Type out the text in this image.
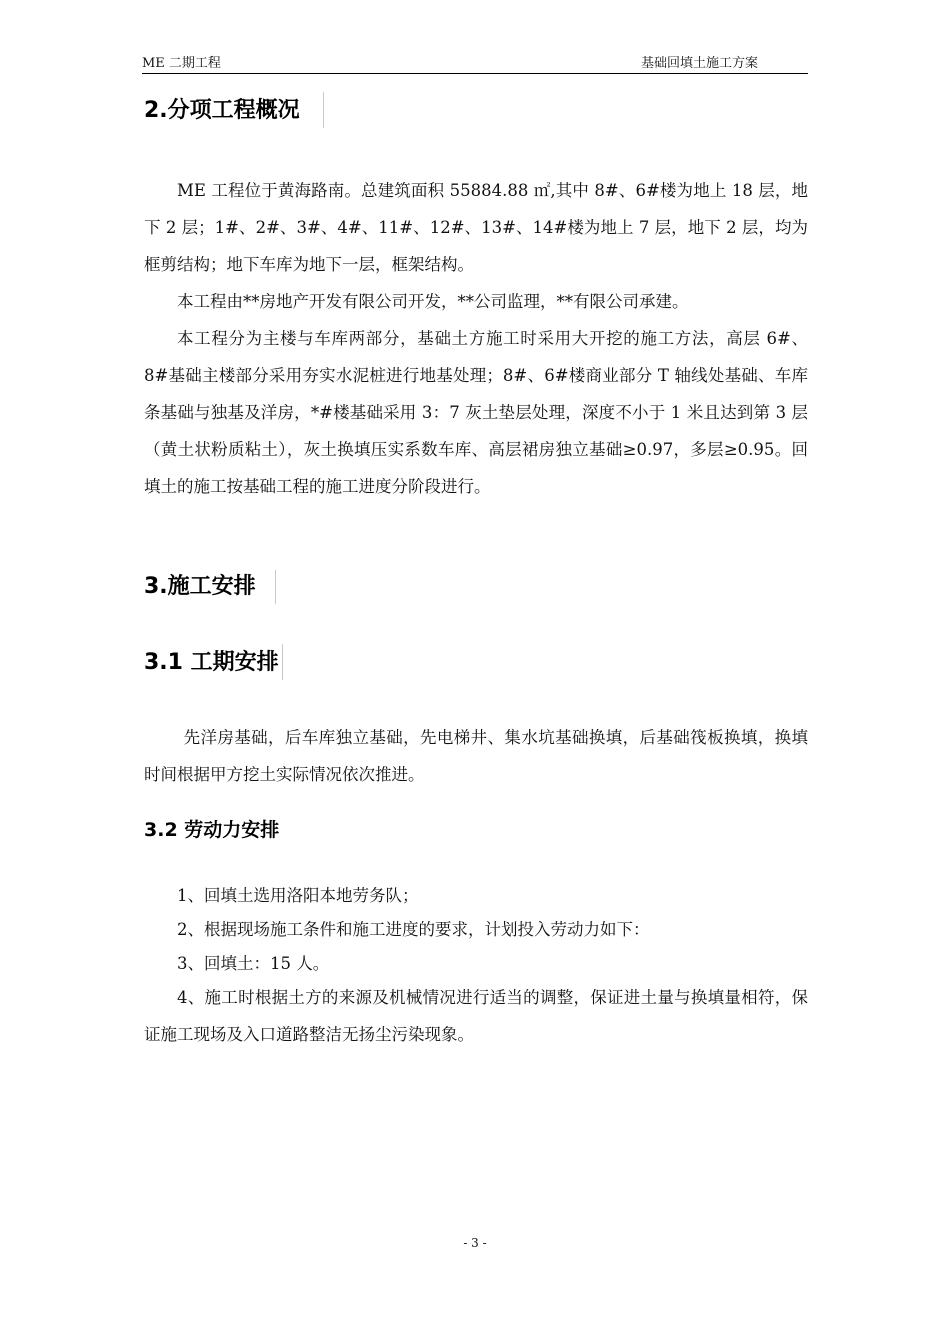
ME 二期工程	基础回填土施工方案
2.分项工程概况

ME 工程位于黄海路南。总建筑面积 55884.88 ㎡,其中 8#、6#楼为地上 18 层，地下 2 层；1#、2#、3#、4#、11#、12#、13#、14#楼为地上 7 层，地下 2 层，均为框剪结构；地下车库为地下一层，框架结构。

本工程由**房地产开发有限公司开发，**公司监理，**有限公司承建。

本工程分为主楼与车库两部分，基础土方施工时采用大开挖的施工方法，高层 6#、8#基础主楼部分采用夯实水泥桩进行地基处理；8#、6#楼商业部分 T 轴线处基础、车库条基础与独基及洋房，*#楼基础采用 3：7 灰土垫层处理，深度不小于 1 米且达到第 3 层（黄土状粉质粘土），灰土换填压实系数车库、高层裙房独立基础≥0.97，多层≥0.95。回填土的施工按基础工程的施工进度分阶段进行。

3.施工安排
3.1 工期安排

先洋房基础，后车库独立基础，先电梯井、集水坑基础换填，后基础筏板换填，换填时间根据甲方挖土实际情况依次推进。

3.2 劳动力安排

1、回填土选用洛阳本地劳务队；

2、根据现场施工条件和施工进度的要求，计划投入劳动力如下：

3、回填土：15 人。

4、施工时根据土方的来源及机械情况进行适当的调整，保证进土量与换填量相符，保证施工现场及入口道路整洁无扬尘污染现象。

- 3 -
